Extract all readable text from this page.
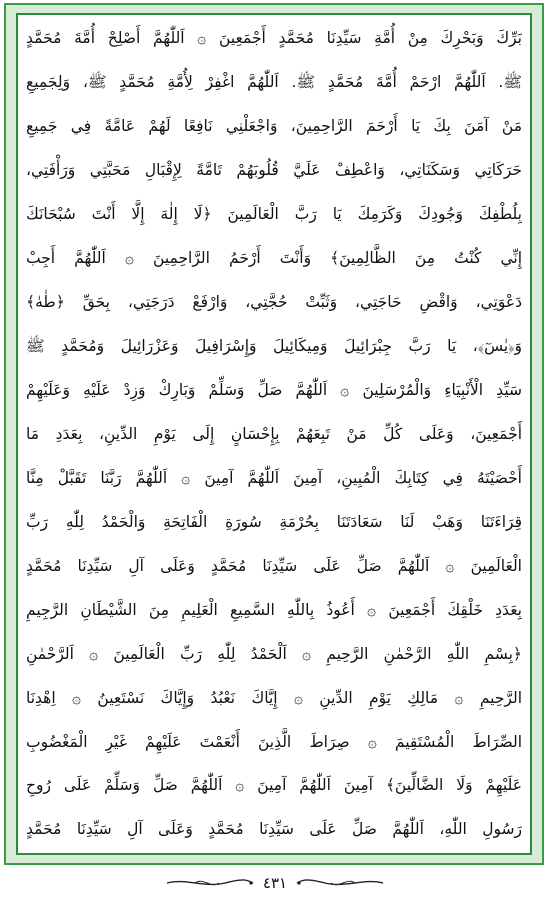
بَرِّكَ وَبَحْرِكَ مِنْ أُمَّةِ سَيِّدِنَا مُحَمَّدٍ أَجْمَعِينَ ۞ اَللّٰهُمَّ أَصْلِحْ أُمَّةَ مُحَمَّدٍ
ﷺ. اَللّٰهُمَّ ارْحَمْ أُمَّةَ مُحَمَّدٍ ﷺ. اَللّٰهُمَّ اغْفِرْ لِأُمَّةِ مُحَمَّدٍ ﷺ، وَلِجَمِيعِ
مَنْ آمَنَ بِكَ يَا أَرْحَمَ الرَّاحِمِينَ، وَاجْعَلْنِي نَافِعًا لَهُمْ عَامَّةً فِي جَمِيعِ
حَرَكَاتِي وَسَكَنَاتِي، وَاعْطِفْ عَلَيَّ قُلُوبَهُمْ تَامَّةً لِإِقْبَالِ مَحَبَّتِي وَرَأْفَتِي،
بِلُطْفِكَ وَجُودِكَ وَكَرَمِكَ يَا رَبَّ الْعَالَمِينَ ﴿لَا إِلٰهَ إِلَّا أَنْتَ سُبْحَانَكَ
إِنِّي كُنْتُ مِنَ الظَّالِمِينَ﴾ وَأَنْتَ أَرْحَمُ الرَّاحِمِينَ ۞ اَللّٰهُمَّ أَجِبْ
دَعْوَتِي، وَاقْضِ حَاجَتِي، وَثَبِّتْ حُجَّتِي، وَارْفَعْ دَرَجَتِي، بِحَقِّ ﴿طٰهٰ﴾
وَ﴿يٰسٓ﴾، يَا رَبَّ جِبْرَائِيلَ وَمِيكَائِيلَ وَإِسْرَافِيلَ وَعَزْرَائِيلَ وَمُحَمَّدٍ ﷺ
سَيِّدِ الْأَنْبِيَاءِ وَالْمُرْسَلِينَ ۞ اَللّٰهُمَّ صَلِّ وَسَلِّمْ وَبَارِكْ وَزِدْ عَلَيْهِ وَعَلَيْهِمْ
أَجْمَعِينَ، وَعَلَى كُلِّ مَنْ تَبِعَهُمْ بِإِحْسَانٍ إِلَى يَوْمِ الدِّينِ، بِعَدَدِ مَا
أَحْصَيْتَهُ فِي كِتَابِكَ الْمُبِينِ، آمِينَ اَللّٰهُمَّ آمِينَ ۞ اَللّٰهُمَّ رَبَّنَا تَقَبَّلْ مِنَّا
قِرَاءَتَنَا وَهَبْ لَنَا سَعَادَتَنَا بِحُرْمَةِ سُورَةِ الْفَاتِحَةِ وَالْحَمْدُ لِلّٰهِ رَبِّ
الْعَالَمِينَ ۞ اَللّٰهُمَّ صَلِّ عَلَى سَيِّدِنَا مُحَمَّدٍ وَعَلَى آلِ سَيِّدِنَا مُحَمَّدٍ
بِعَدَدِ خَلْقِكَ أَجْمَعِينَ ۞ أَعُوذُ بِاللّٰهِ السَّمِيعِ الْعَلِيمِ مِنَ الشَّيْطَانِ الرَّجِيمِ
﴿بِسْمِ اللّٰهِ الرَّحْمٰنِ الرَّحِيمِ ۞ اَلْحَمْدُ لِلّٰهِ رَبِّ الْعَالَمِينَ ۞ اَلرَّحْمٰنِ
الرَّحِيمِ ۞ مَالِكِ يَوْمِ الدِّينِ ۞ إِيَّاكَ نَعْبُدُ وَإِيَّاكَ نَسْتَعِينُ ۞ اِهْدِنَا
الصِّرَاطَ الْمُسْتَقِيمَ ۞ صِرَاطَ الَّذِينَ أَنْعَمْتَ عَلَيْهِمْ غَيْرِ الْمَغْضُوبِ
عَلَيْهِمْ وَلَا الضَّالِّينَ﴾ آمِينَ اَللّٰهُمَّ آمِينَ ۞ اَللّٰهُمَّ صَلِّ وَسَلِّمْ عَلَى رُوحِ
رَسُولِ اللّٰهِ، اَللّٰهُمَّ صَلِّ عَلَى سَيِّدِنَا مُحَمَّدٍ وَعَلَى آلِ سَيِّدِنَا مُحَمَّدٍ
٤٣١
